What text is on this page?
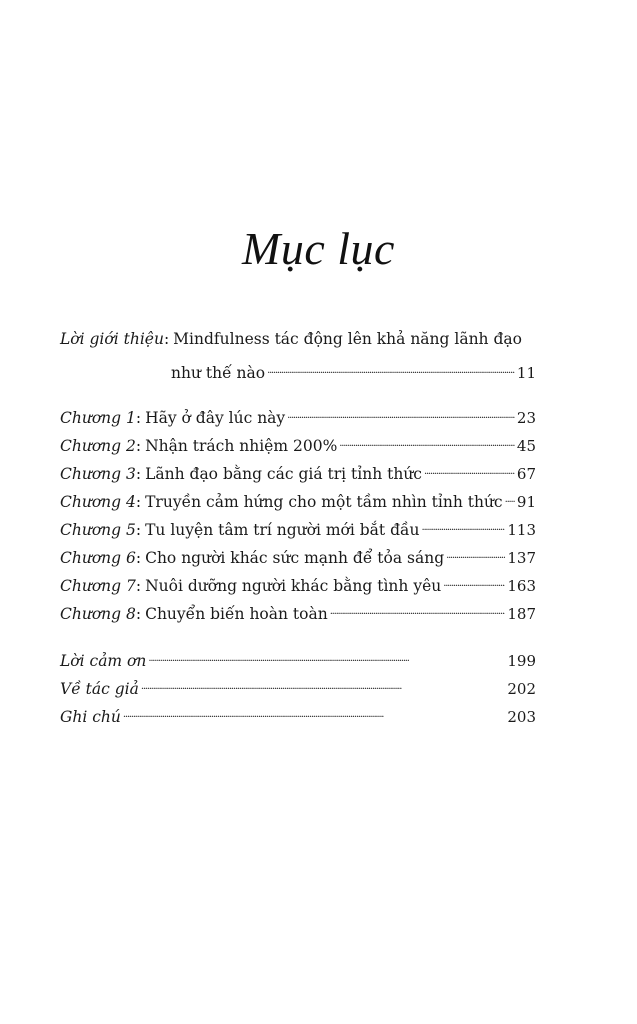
Mục lục
Lời giới thiệu : Mindfulness tác động lên khả năng lãnh đạo
như thế nào . . .	11
Chương 1 : Hãy ở đây lúc này . . .	23
Chương 2 : Nhận trách nhiệm 200% . . .	45
Chương 3 : Lãnh đạo bằng các giá trị tỉnh thức . . .	67
Chương 4 : Truyền cảm hứng cho một tầm nhìn tỉnh thức . . . 91
Chương 5 : Tu luyện tâm trí người mới bắt đầu . . .	113
Chương 6 : Cho người khác sức mạnh để tỏa sáng . . .	137
Chương 7 : Nuôi dưỡng người khác bằng tình yêu . . .	163
Chương 8 : Chuyển biến hoàn toàn . . .	187
Lời cảm ơn . . .	199
Về tác giả . . .	202
Ghi chú . . .	203
